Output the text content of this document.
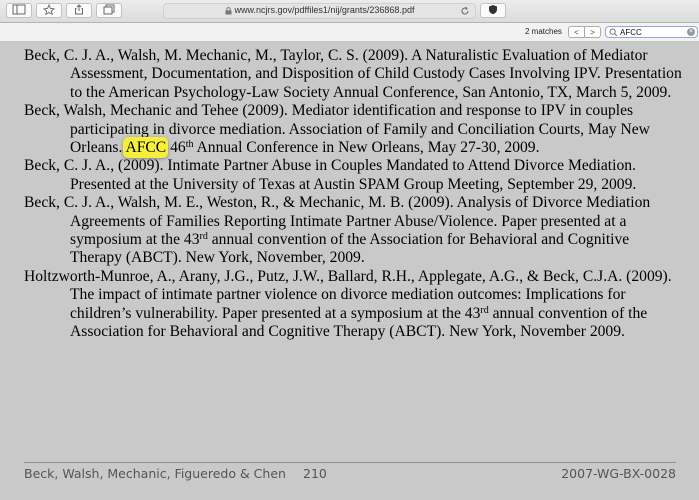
www.ncjrs.gov/pdffiles1/nij/grants/236868.pdf
2 matches	<	>	AFCC	×

Beck, C. J. A., Walsh, M. Mechanic, M., Taylor, C. S. (2009). A Naturalistic Evaluation of Mediator Assessment, Documentation, and Disposition of Child Custody Cases Involving IPV. Presentation to the American Psychology-Law Society Annual Conference, San Antonio, TX, March 5, 2009.

Beck, Walsh, Mechanic and Tehee (2009). Mediator identification and response to IPV in couples participating in divorce mediation. Association of Family and Conciliation Courts, May New Orleans. AFCC 46th Annual Conference in New Orleans, May 27-30, 2009.

Beck, C. J. A., (2009). Intimate Partner Abuse in Couples Mandated to Attend Divorce Mediation. Presented at the University of Texas at Austin SPAM Group Meeting, September 29, 2009.

Beck, C. J. A., Walsh, M. E., Weston, R., & Mechanic, M. B. (2009). Analysis of Divorce Mediation Agreements of Families Reporting Intimate Partner Abuse/Violence. Paper presented at a symposium at the 43rd annual convention of the Association for Behavioral and Cognitive Therapy (ABCT). New York, November, 2009.

Holtzworth-Munroe, A., Arany, J.G., Putz, J.W., Ballard, R.H., Applegate, A.G., & Beck, C.J.A. (2009). The impact of intimate partner violence on divorce mediation outcomes: Implications for children’s vulnerability. Paper presented at a symposium at the 43rd annual convention of the Association for Behavioral and Cognitive Therapy (ABCT). New York, November 2009.

Beck, Walsh, Mechanic, Figueredo & Chen 210	2007-WG-BX-0028
